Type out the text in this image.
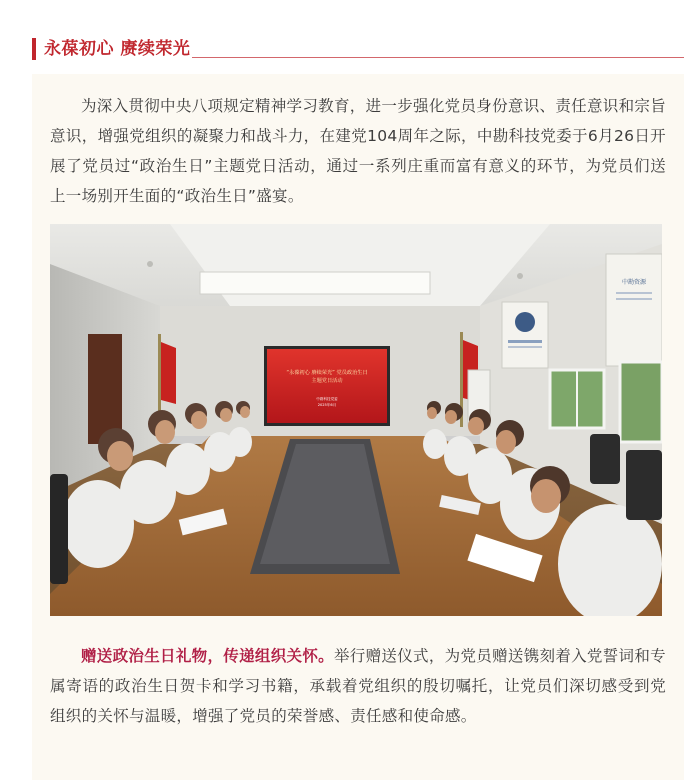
永葆初心 赓续荣光

为深入贯彻中央八项规定精神学习教育，进一步强化党员身份意识、责任意识和宗旨意识，增强党组织的凝聚力和战斗力，在建党104周年之际，中勘科技党委于6月26日开展了党员过“政治生日”主题党日活动，通过一系列庄重而富有意义的环节，为党员们送上一场别开生面的“政治生日”盛宴。

“永葆初心 赓续荣光” 党员政治生日
主题党日活动
中勘科技党委
2025年6月
中勘资源

赠送政治生日礼物，传递组织关怀。举行赠送仪式，为党员赠送镌刻着入党誓词和专属寄语的政治生日贺卡和学习书籍，承载着党组织的殷切嘱托，让党员们深切感受到党组织的关怀与温暖，增强了党员的荣誉感、责任感和使命感。
